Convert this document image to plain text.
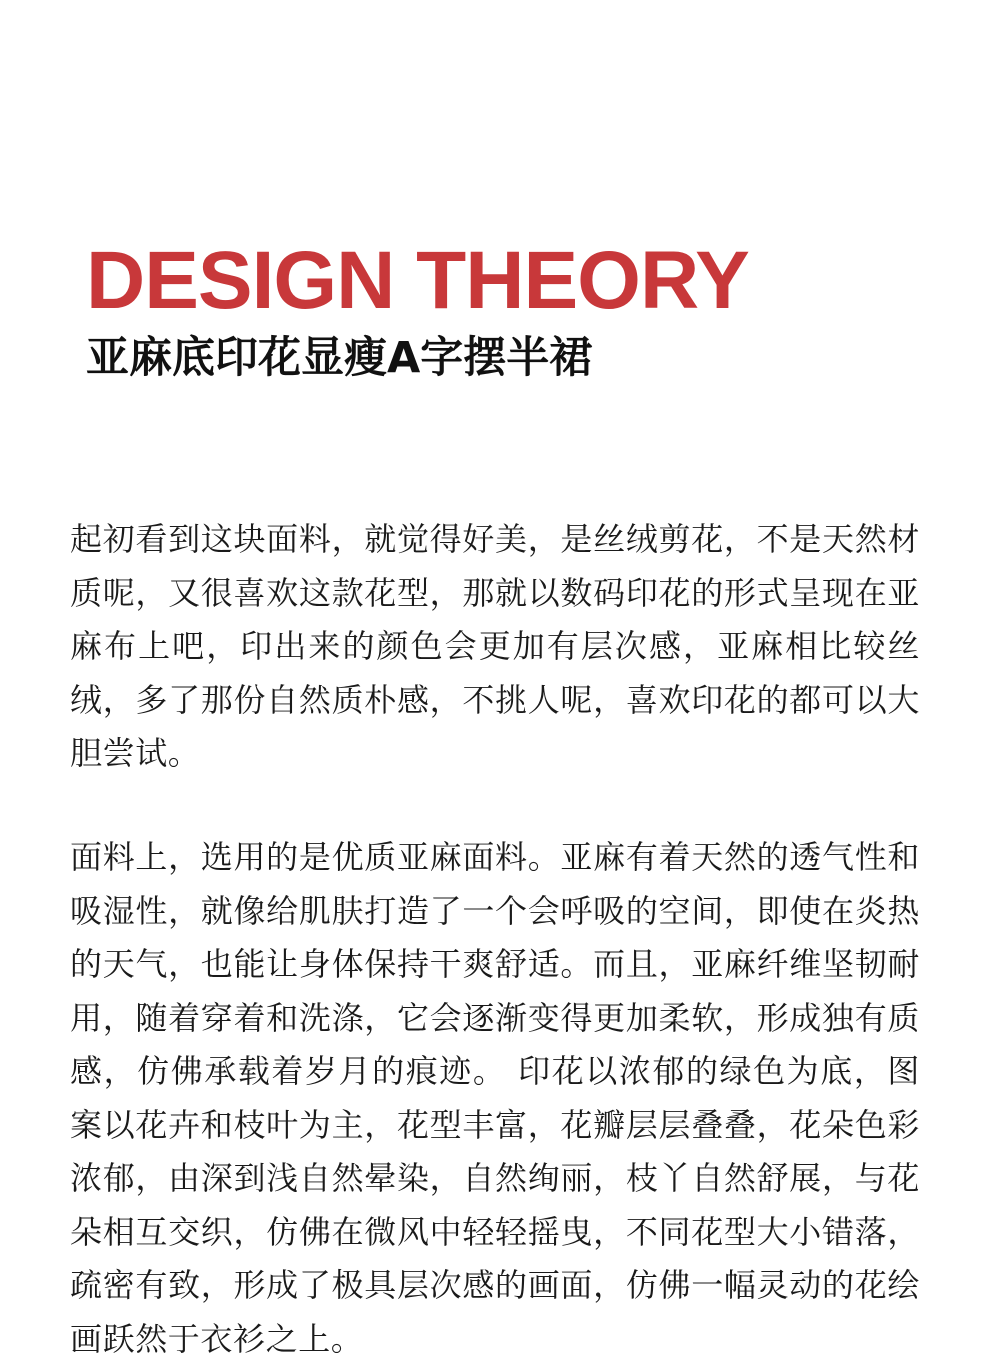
DESIGN THEORY
亚麻底印花显瘦A字摆半裙

起初看到这块面料，就觉得好美，是丝绒剪花，不是天然材质呢，又很喜欢这款花型，那就以数码印花的形式呈现在亚麻布上吧，印出来的颜色会更加有层次感，亚麻相比较丝绒，多了那份自然质朴感，不挑人呢，喜欢印花的都可以大胆尝试。

面料上，选用的是优质亚麻面料。亚麻有着天然的透气性和吸湿性，就像给肌肤打造了一个会呼吸的空间，即使在炎热的天气，也能让身体保持干爽舒适。而且，亚麻纤维坚韧耐用，随着穿着和洗涤，它会逐渐变得更加柔软，形成独有质感，仿佛承载着岁月的痕迹。 印花以浓郁的绿色为底，图案以花卉和枝叶为主，花型丰富，花瓣层层叠叠，花朵色彩浓郁，由深到浅自然晕染，自然绚丽，枝丫自然舒展，与花朵相互交织，仿佛在微风中轻轻摇曳，不同花型大小错落，疏密有致，形成了极具层次感的画面，仿佛一幅灵动的花绘画跃然于衣衫之上。
